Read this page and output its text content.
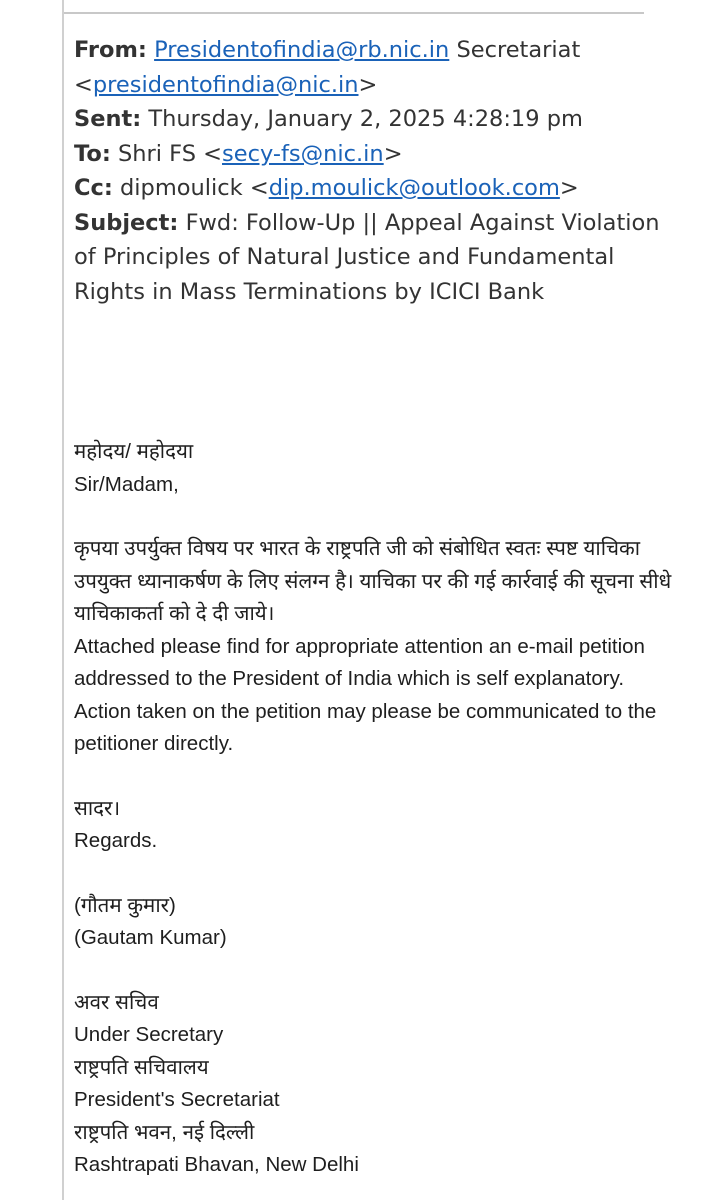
From: Presidentofindia@rb.nic.in Secretariat
<presidentofindia@nic.in>
Sent: Thursday, January 2, 2025 4:28:19 pm
To: Shri FS <secy-fs@nic.in>
Cc: dipmoulick <dip.moulick@outlook.com>
Subject: Fwd: Follow-Up || Appeal Against Violation of Principles of Natural Justice and Fundamental Rights in Mass Terminations by ICICI Bank

महोदय/ महोदया

Sir/Madam,

कृपया उपर्युक्त विषय पर भारत के राष्ट्रपति जी को संबोधित स्वतः स्पष्ट याचिका उपयुक्त ध्यानाकर्षण के लिए संलग्न है। याचिका पर की गई कार्रवाई की सूचना सीधे याचिकाकर्ता को दे दी जाये।

Attached please find for appropriate attention an e-mail petition addressed to the President of India which is self explanatory. Action taken on the petition may please be communicated to the petitioner directly.

सादर।

Regards.

(गौतम कुमार)

(Gautam Kumar)

अवर सचिव

Under Secretary

राष्ट्रपति सचिवालय

President's Secretariat

राष्ट्रपति भवन, नई दिल्ली

Rashtrapati Bhavan, New Delhi
